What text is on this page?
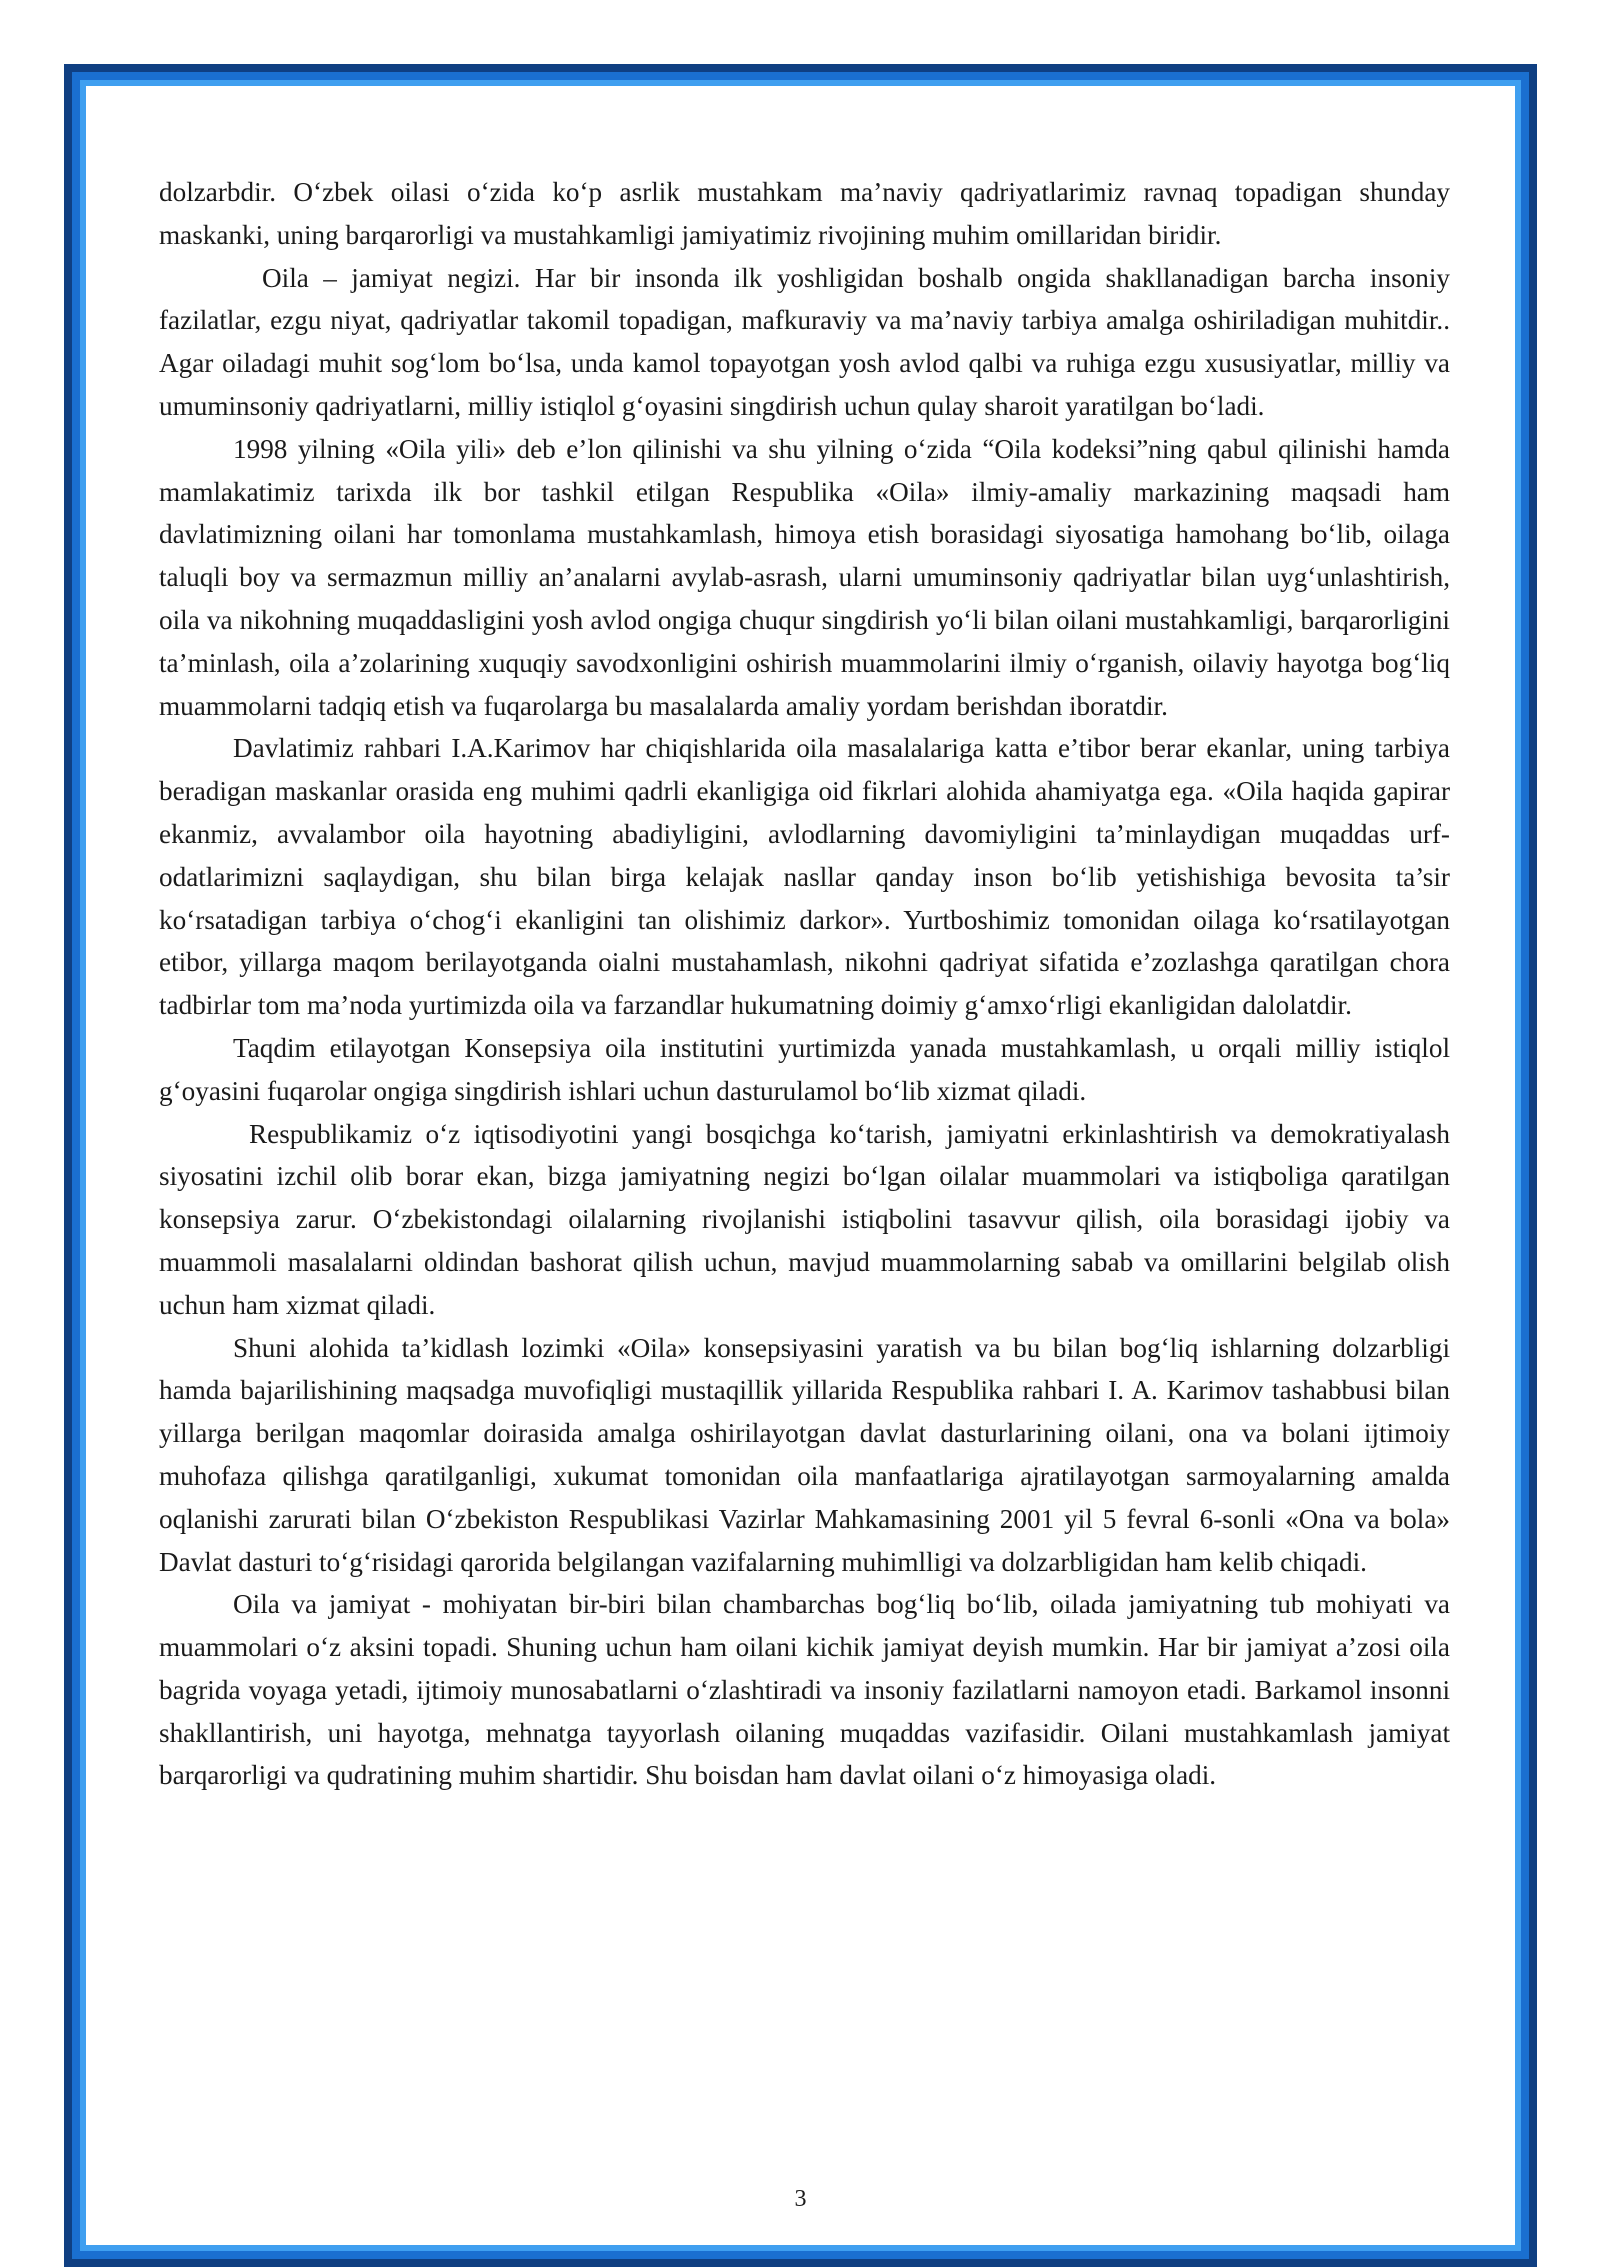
dolzarbdir. O‘zbek oilasi o‘zida ko‘p asrlik mustahkam ma’naviy qadriyatlarimiz ravnaq topadigan shunday maskanki, uning barqarorligi va mustahkamligi jamiyatimiz rivojining muhim omillaridan biridir.

Oila – jamiyat negizi. Har bir insonda ilk yoshligidan boshalb ongida shakllanadigan barcha insoniy fazilatlar, ezgu niyat, qadriyatlar takomil topadigan, mafkuraviy va ma’naviy tarbiya amalga oshiriladigan muhitdir.. Agar oiladagi muhit sog‘lom bo‘lsa, unda kamol topayotgan yosh avlod qalbi va ruhiga ezgu xususiyatlar, milliy va umuminsoniy qadriyatlarni, milliy istiqlol g‘oyasini singdirish uchun qulay sharoit yaratilgan bo‘ladi.

1998 yilning «Oila yili» deb e’lon qilinishi va shu yilning o‘zida “Oila kodeksi”ning qabul qilinishi hamda mamlakatimiz tarixda ilk bor tashkil etilgan Respublika «Oila» ilmiy-amaliy markazining maqsadi ham davlatimizning oilani har tomonlama mustahkamlash, himoya etish borasidagi siyosatiga hamohang bo‘lib, oilaga taluqli boy va sermazmun milliy an’analarni avylab-asrash, ularni umuminsoniy qadriyatlar bilan uyg‘unlashtirish, oila va nikohning muqaddasligini yosh avlod ongiga chuqur singdirish yo‘li bilan oilani mustahkamligi, barqarorligini ta’minlash, oila a’zolarining xuquqiy savodxonligini oshirish muammolarini ilmiy o‘rganish, oilaviy hayotga bog‘liq muammolarni tadqiq etish va fuqarolarga bu masalalarda amaliy yordam berishdan iboratdir.

Davlatimiz rahbari I.A.Karimov har chiqishlarida oila masalalariga katta e’tibor berar ekanlar, uning tarbiya beradigan maskanlar orasida eng muhimi qadrli ekanligiga oid fikrlari alohida ahamiyatga ega. «Oila haqida gapirar ekanmiz, avvalambor oila hayotning abadiyligini, avlodlarning davomiyligini ta’minlaydigan muqaddas urf-odatlarimizni saqlaydigan, shu bilan birga kelajak nasllar qanday inson bo‘lib yetishishiga bevosita ta’sir ko‘rsatadigan tarbiya o‘chog‘i ekanligini tan olishimiz darkor». Yurtboshimiz tomonidan oilaga ko‘rsatilayotgan etibor, yillarga maqom berilayotganda oialni mustahamlash, nikohni qadriyat sifatida e’zozlashga qaratilgan chora tadbirlar tom ma’noda yurtimizda oila va farzandlar hukumatning doimiy g‘amxo‘rligi ekanligidan dalolatdir.

Taqdim etilayotgan Konsepsiya oila institutini yurtimizda yanada mustahkamlash, u orqali milliy istiqlol g‘oyasini fuqarolar ongiga singdirish ishlari uchun dasturulamol bo‘lib xizmat qiladi.

Respublikamiz o‘z iqtisodiyotini yangi bosqichga ko‘tarish, jamiyatni erkinlashtirish va demokratiyalash siyosatini izchil olib borar ekan, bizga jamiyatning negizi bo‘lgan oilalar muammolari va istiqboliga qaratilgan konsepsiya zarur. O‘zbekistondagi oilalarning rivojlanishi istiqbolini tasavvur qilish, oila borasidagi ijobiy va muammoli masalalarni oldindan bashorat qilish uchun, mavjud muammolarning sabab va omillarini belgilab olish uchun ham xizmat qiladi.

Shuni alohida ta’kidlash lozimki «Oila» konsepsiyasini yaratish va bu bilan bog‘liq ishlarning dolzarbligi hamda bajarilishining maqsadga muvofiqligi mustaqillik yillarida Respublika rahbari I. A. Karimov tashabbusi bilan yillarga berilgan maqomlar doirasida amalga oshirilayotgan davlat dasturlarining oilani, ona va bolani ijtimoiy muhofaza qilishga qaratilganligi, xukumat tomonidan oila manfaatlariga ajratilayotgan sarmoyalarning amalda oqlanishi zarurati bilan O‘zbekiston Respublikasi Vazirlar Mahkamasining 2001 yil 5 fevral 6-sonli «Ona va bola» Davlat dasturi to‘g‘risidagi qarorida belgilangan vazifalarning muhimlligi va dolzarbligidan ham kelib chiqadi.

Oila va jamiyat - mohiyatan bir-biri bilan chambarchas bog‘liq bo‘lib, oilada jamiyatning tub mohiyati va muammolari o‘z aksini topadi. Shuning uchun ham oilani kichik jamiyat deyish mumkin. Har bir jamiyat a’zosi oila bagrida voyaga yetadi, ijtimoiy munosabatlarni o‘zlashtiradi va insoniy fazilatlarni namoyon etadi. Barkamol insonni shakllantirish, uni hayotga, mehnatga tayyorlash oilaning muqaddas vazifasidir. Oilani mustahkamlash jamiyat barqarorligi va qudratining muhim shartidir. Shu boisdan ham davlat oilani o‘z himoyasiga oladi.

3
